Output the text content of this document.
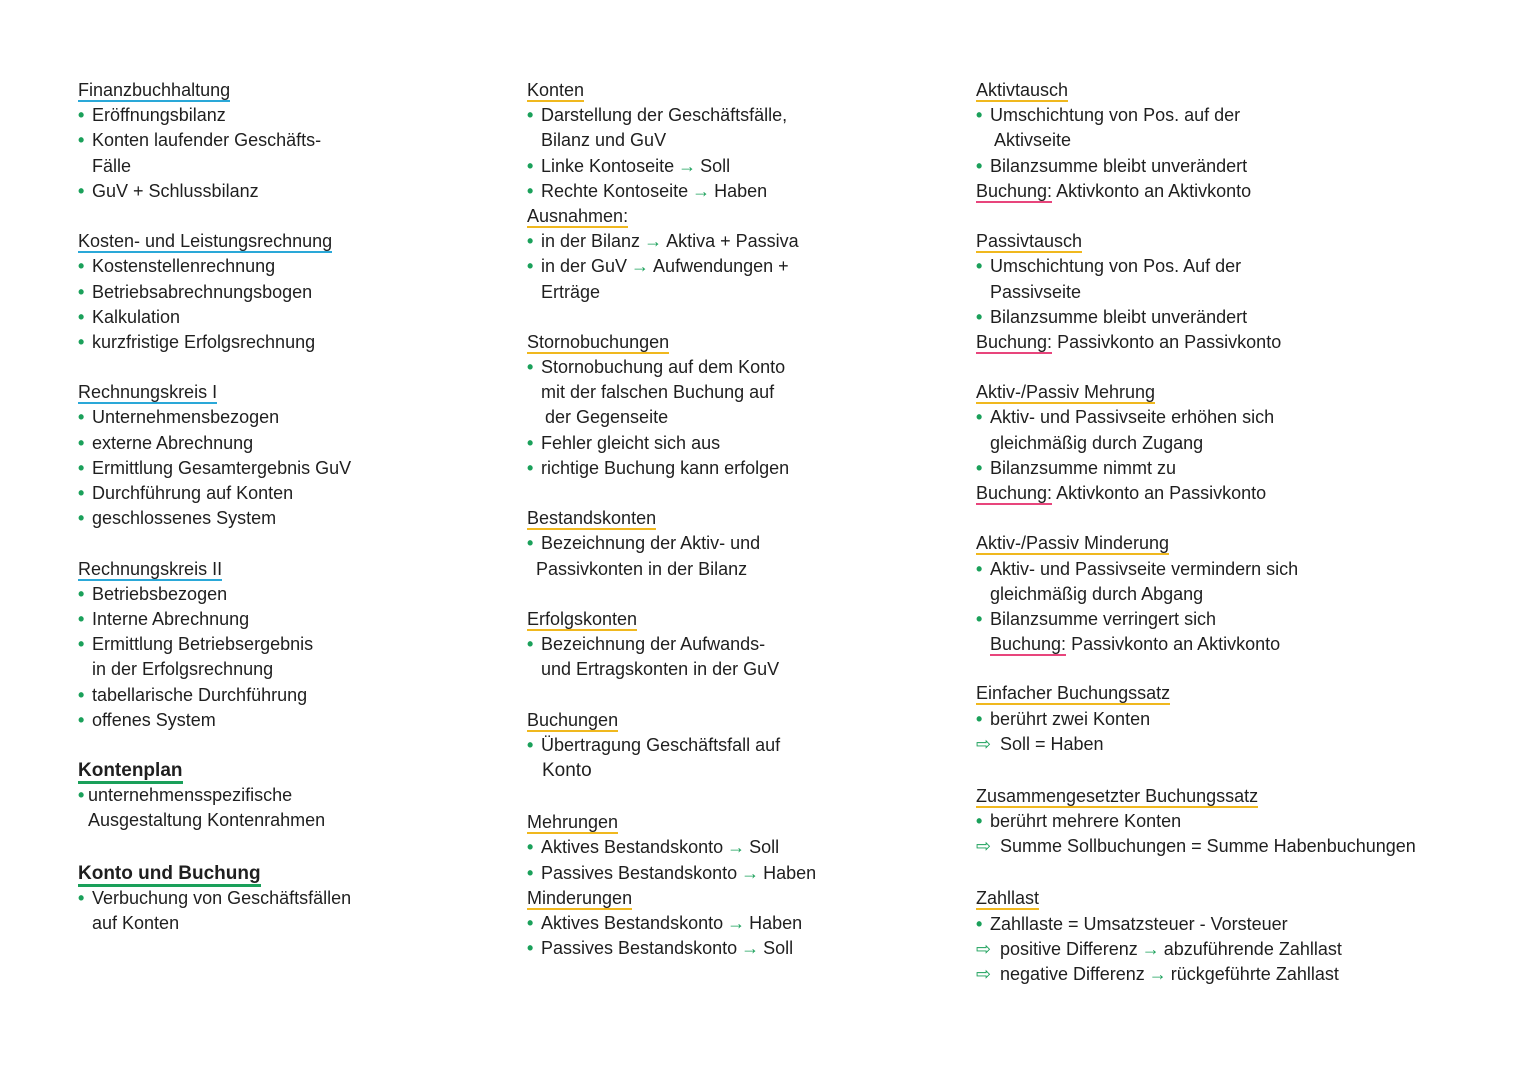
Finanzbuchhaltung
• Eröffnungsbilanz
• Konten laufender Geschäfts-
Fälle
• GuV + Schlussbilanz
Kosten- und Leistungsrechnung
• Kostenstellenrechnung
• Betriebsabrechnungsbogen
• Kalkulation
• kurzfristige Erfolgsrechnung
Rechnungskreis I
• Unternehmensbezogen
• externe Abrechnung
• Ermittlung Gesamtergebnis GuV
• Durchführung auf Konten
• geschlossenes System
Rechnungskreis II
• Betriebsbezogen
• Interne Abrechnung
• Ermittlung Betriebsergebnis
in der Erfolgsrechnung
• tabellarische Durchführung
• offenes System
Kontenplan
• unternehmensspezifische
Ausgestaltung Kontenrahmen
Konto und Buchung
• Verbuchung von Geschäftsfällen
auf Konten
Konten
• Darstellung der Geschäftsfälle,
Bilanz und GuV
• Linke Kontoseite → Soll
• Rechte Kontoseite → Haben
Ausnahmen:
• in der Bilanz → Aktiva + Passiva
• in der GuV → Aufwendungen +
Erträge
Stornobuchungen
• Stornobuchung auf dem Konto
mit der falschen Buchung auf
der Gegenseite
• Fehler gleicht sich aus
• richtige Buchung kann erfolgen
Bestandskonten
• Bezeichnung der Aktiv- und
Passivkonten in der Bilanz
Erfolgskonten
• Bezeichnung der Aufwands-
und Ertragskonten in der GuV
Buchungen
• Übertragung Geschäftsfall auf
Konto
Mehrungen
• Aktives Bestandskonto → Soll
• Passives Bestandskonto → Haben
Minderungen
• Aktives Bestandskonto → Haben
• Passives Bestandskonto → Soll
Aktivtausch
• Umschichtung von Pos. auf der
Aktivseite
• Bilanzsumme bleibt unverändert
Buchung: Aktivkonto an Aktivkonto
Passivtausch
• Umschichtung von Pos. Auf der
Passivseite
• Bilanzsumme bleibt unverändert
Buchung: Passivkonto an Passivkonto
Aktiv-/Passiv Mehrung
• Aktiv- und Passivseite erhöhen sich
gleichmäßig durch Zugang
• Bilanzsumme nimmt zu
Buchung: Aktivkonto an Passivkonto
Aktiv-/Passiv Minderung
• Aktiv- und Passivseite vermindern sich
gleichmäßig durch Abgang
• Bilanzsumme verringert sich
Buchung: Passivkonto an Aktivkonto
Einfacher Buchungssatz
• berührt zwei Konten
⇨ Soll = Haben
Zusammengesetzter Buchungssatz
• berührt mehrere Konten
⇨ Summe Sollbuchungen = Summe Habenbuchungen
Zahllast
• Zahllaste = Umsatzsteuer - Vorsteuer
⇨ positive Differenz → abzuführende Zahllast
⇨ negative Differenz → rückgeführte Zahllast
